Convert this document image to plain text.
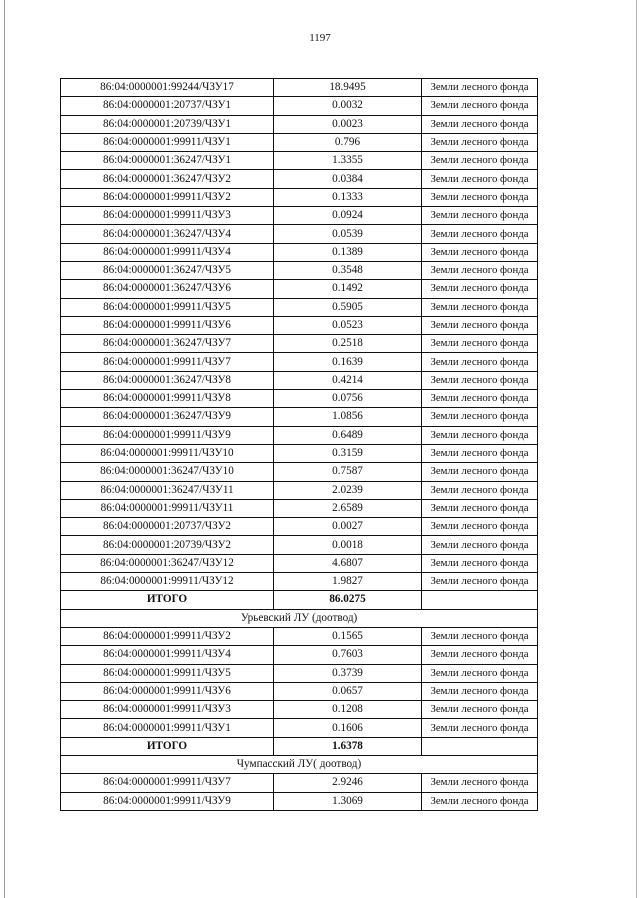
1197
86:04:0000001:99244/ЧЗУ17	18.9495	Земли лесного фонда
86:04:0000001:20737/ЧЗУ1	0.0032	Земли лесного фонда
86:04:0000001:20739/ЧЗУ1	0.0023	Земли лесного фонда
86:04:0000001:99911/ЧЗУ1	0.796	Земли лесного фонда
86:04:0000001:36247/ЧЗУ1	1.3355	Земли лесного фонда
86:04:0000001:36247/ЧЗУ2	0.0384	Земли лесного фонда
86:04:0000001:99911/ЧЗУ2	0.1333	Земли лесного фонда
86:04:0000001:99911/ЧЗУ3	0.0924	Земли лесного фонда
86:04:0000001:36247/ЧЗУ4	0.0539	Земли лесного фонда
86:04:0000001:99911/ЧЗУ4	0.1389	Земли лесного фонда
86:04:0000001:36247/ЧЗУ5	0.3548	Земли лесного фонда
86:04:0000001:36247/ЧЗУ6	0.1492	Земли лесного фонда
86:04:0000001:99911/ЧЗУ5	0.5905	Земли лесного фонда
86:04:0000001:99911/ЧЗУ6	0.0523	Земли лесного фонда
86:04:0000001:36247/ЧЗУ7	0.2518	Земли лесного фонда
86:04:0000001:99911/ЧЗУ7	0.1639	Земли лесного фонда
86:04:0000001:36247/ЧЗУ8	0.4214	Земли лесного фонда
86:04:0000001:99911/ЧЗУ8	0.0756	Земли лесного фонда
86:04:0000001:36247/ЧЗУ9	1.0856	Земли лесного фонда
86:04:0000001:99911/ЧЗУ9	0.6489	Земли лесного фонда
86:04:0000001:99911/ЧЗУ10	0.3159	Земли лесного фонда
86:04:0000001:36247/ЧЗУ10	0.7587	Земли лесного фонда
86:04:0000001:36247/ЧЗУ11	2.0239	Земли лесного фонда
86:04:0000001:99911/ЧЗУ11	2.6589	Земли лесного фонда
86:04:0000001:20737/ЧЗУ2	0.0027	Земли лесного фонда
86:04:0000001:20739/ЧЗУ2	0.0018	Земли лесного фонда
86:04:0000001:36247/ЧЗУ12	4.6807	Земли лесного фонда
86:04:0000001:99911/ЧЗУ12	1.9827	Земли лесного фонда
ИТОГО	86.0275	
Урьевский ЛУ (доотвод)		
86:04:0000001:99911/ЧЗУ2	0.1565	Земли лесного фонда
86:04:0000001:99911/ЧЗУ4	0.7603	Земли лесного фонда
86:04:0000001:99911/ЧЗУ5	0.3739	Земли лесного фонда
86:04:0000001:99911/ЧЗУ6	0.0657	Земли лесного фонда
86:04:0000001:99911/ЧЗУ3	0.1208	Земли лесного фонда
86:04:0000001:99911/ЧЗУ1	0.1606	Земли лесного фонда
ИТОГО	1.6378	
Чумпасский ЛУ( доотвод)		
86:04:0000001:99911/ЧЗУ7	2.9246	Земли лесного фонда
86:04:0000001:99911/ЧЗУ9	1.3069	Земли лесного фонда
